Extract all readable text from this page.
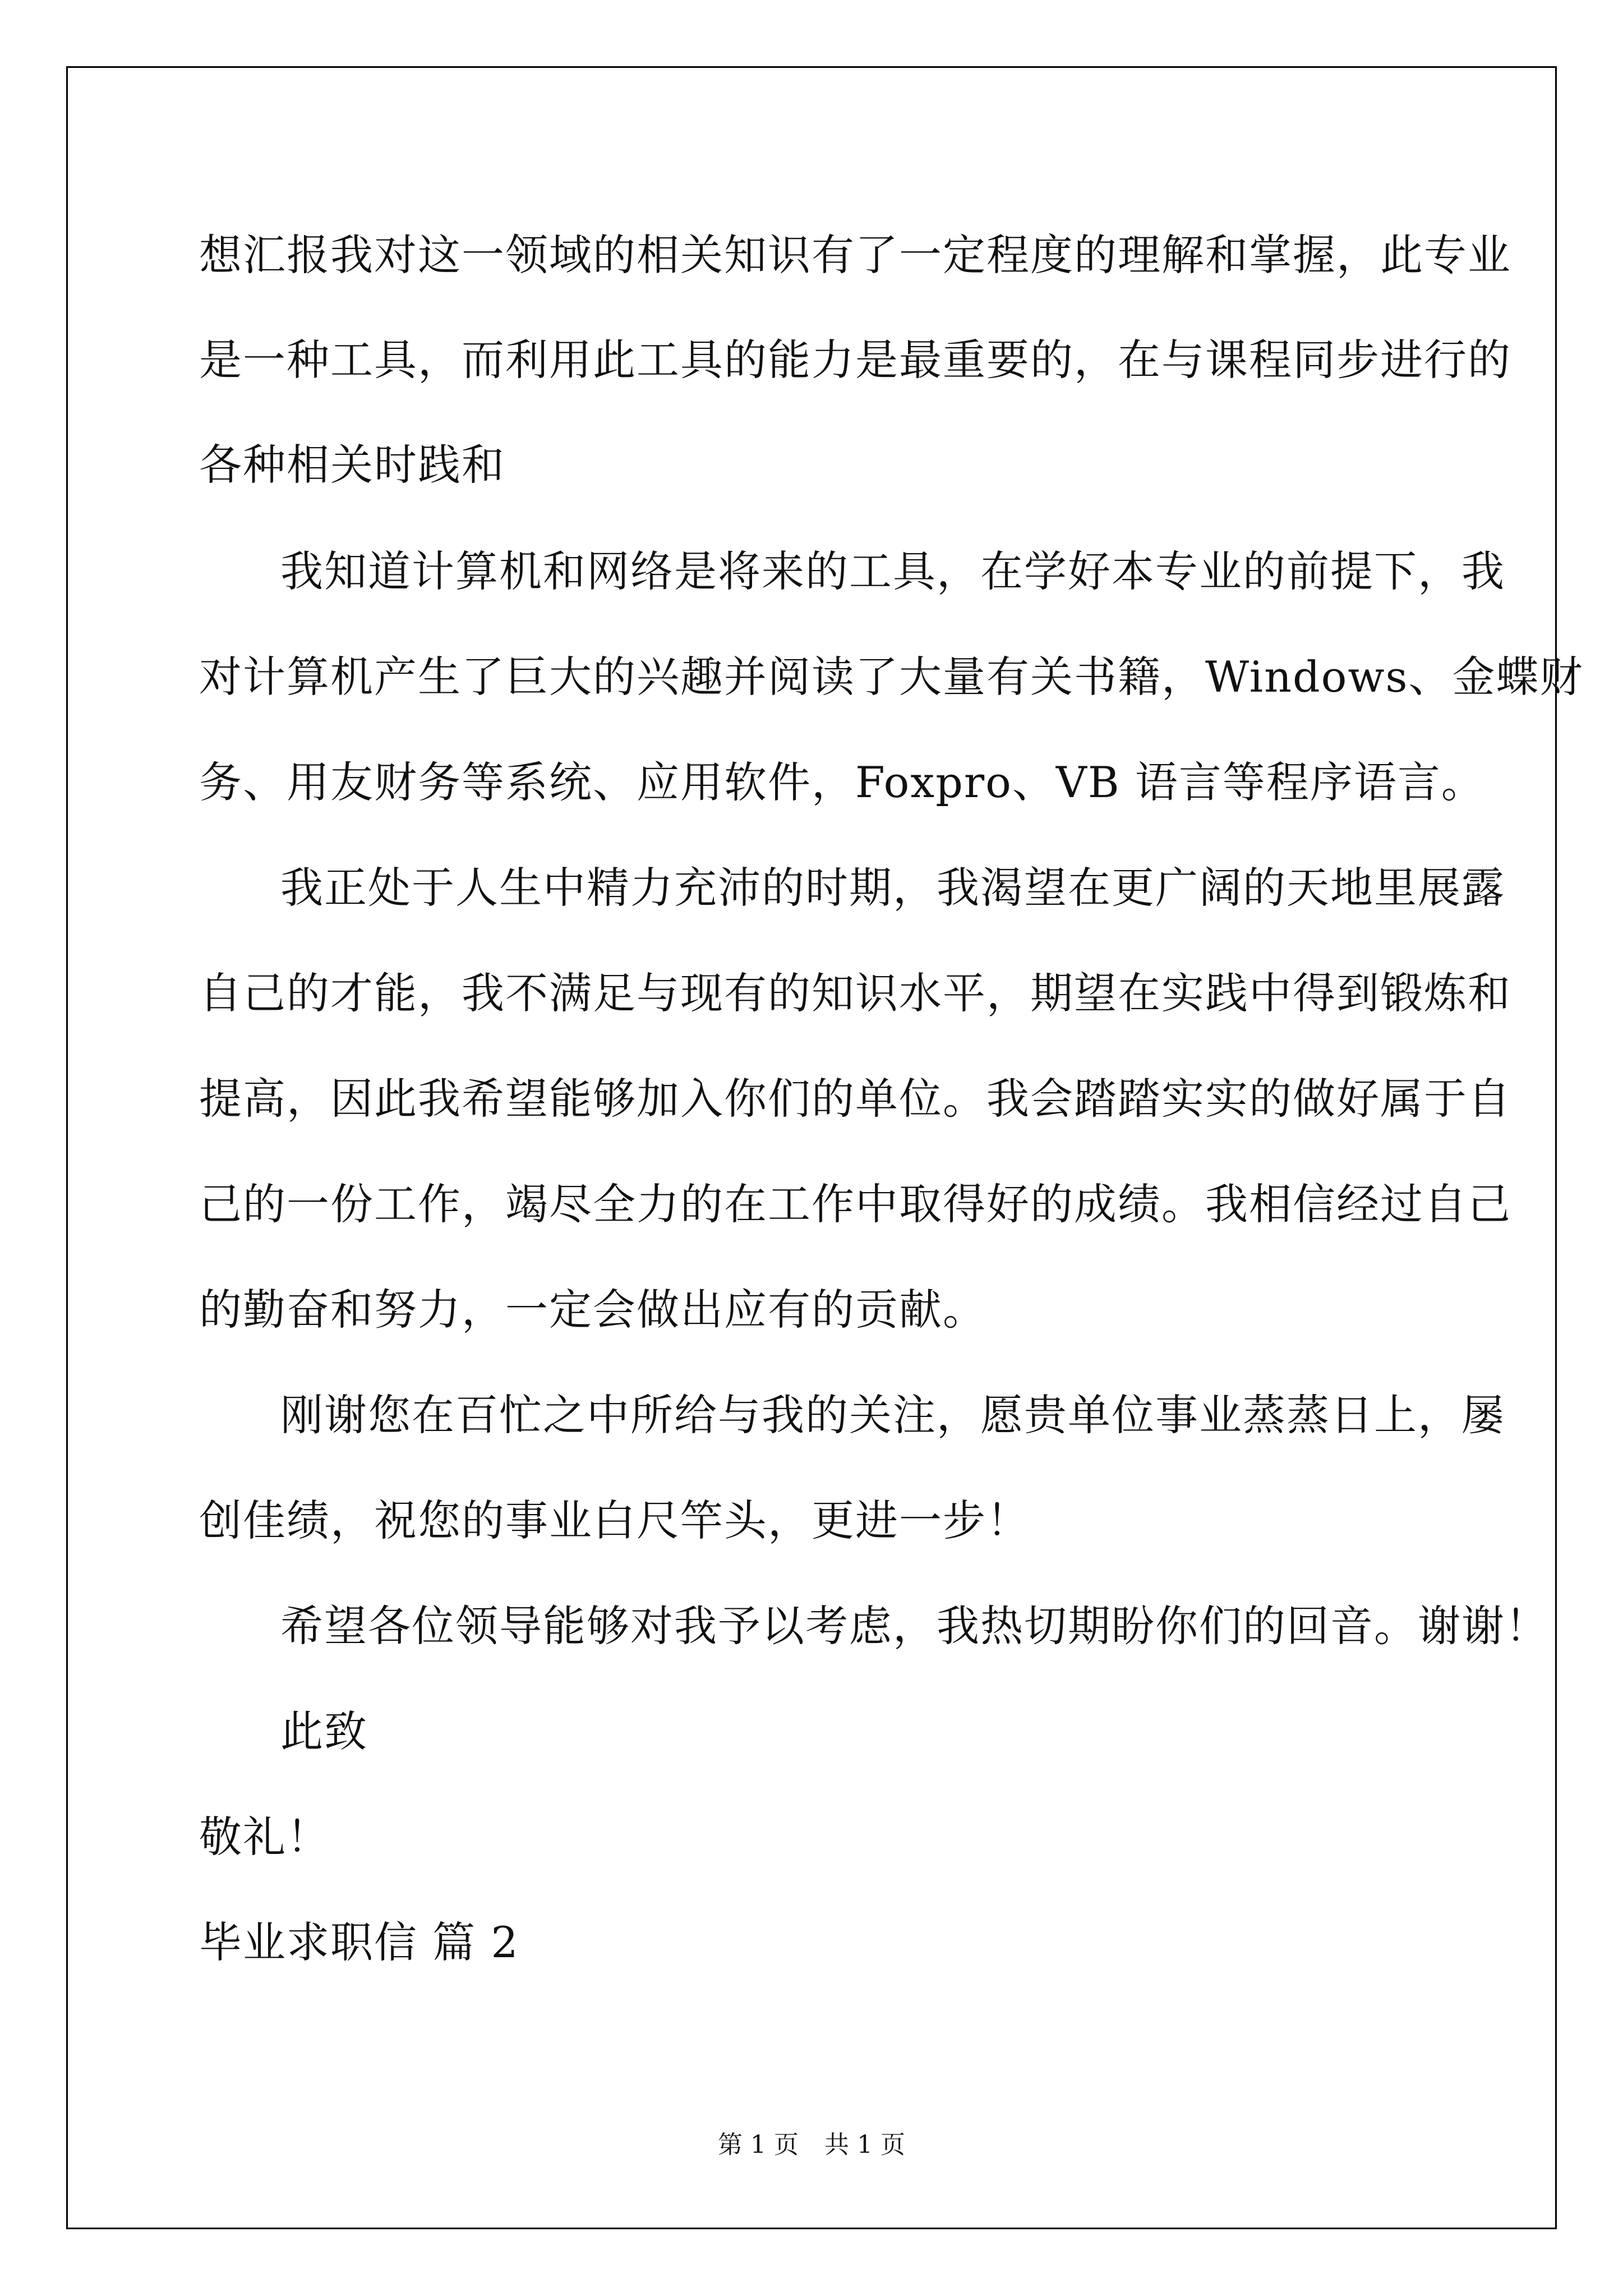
想汇报我对这一领域的相关知识有了一定程度的理解和掌握，此专业
是一种工具，而利用此工具的能力是最重要的，在与课程同步进行的
各种相关时践和
我知道计算机和网络是将来的工具，在学好本专业的前提下，我
对计算机产生了巨大的兴趣并阅读了大量有关书籍，Windows、金蝶财
务、用友财务等系统、应用软件，Foxpro、VB 语言等程序语言。
我正处于人生中精力充沛的时期，我渴望在更广阔的天地里展露
自己的才能，我不满足与现有的知识水平，期望在实践中得到锻炼和
提高，因此我希望能够加入你们的单位。我会踏踏实实的做好属于自
己的一份工作，竭尽全力的在工作中取得好的成绩。我相信经过自己
的勤奋和努力，一定会做出应有的贡献。
刚谢您在百忙之中所给与我的关注，愿贵单位事业蒸蒸日上，屡
创佳绩，祝您的事业白尺竿头，更进一步！
希望各位领导能够对我予以考虑，我热切期盼你们的回音。谢谢！
此致
敬礼！
毕业求职信 篇 2
第 1 页 共 1 页
